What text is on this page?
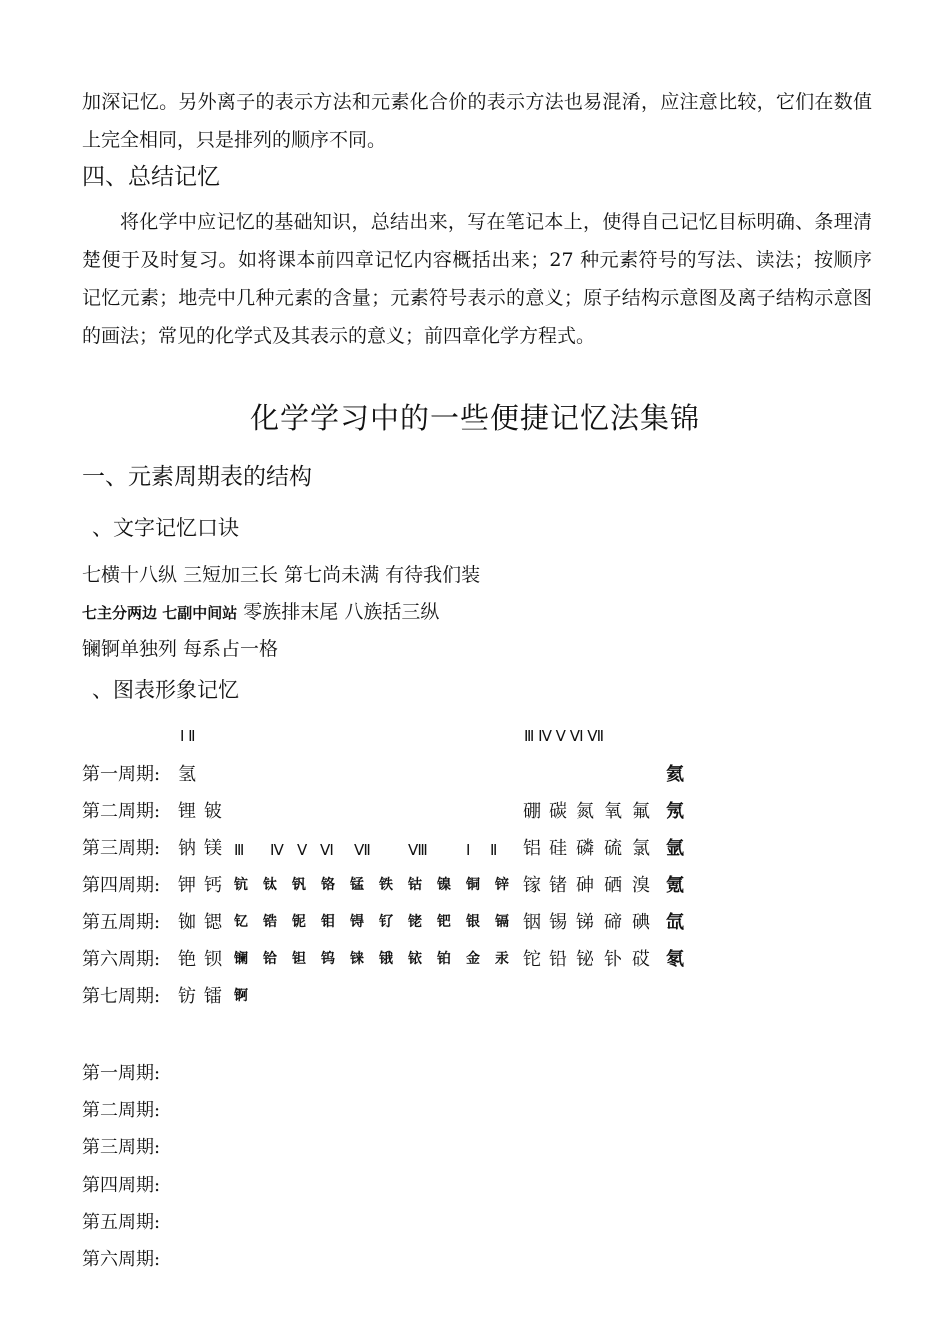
加深记忆。另外离子的表示方法和元素化合价的表示方法也易混淆，应注意比较，它们在数值上完全相同，只是排列的顺序不同。

四、总结记忆

将化学中应记忆的基础知识，总结出来，写在笔记本上，使得自己记忆目标明确、条理清楚便于及时复习。如将课本前四章记忆内容概括出来；27 种元素符号的写法、读法；按顺序记忆元素；地壳中几种元素的含量；元素符号表示的意义；原子结构示意图及离子结构示意图的画法；常见的化学式及其表示的意义；前四章化学方程式。

化学学习中的一些便捷记忆法集锦
一、元素周期表的结构
、文字记忆口诀
七横十八纵 三短加三长 第七尚未满 有待我们装
七主分两边 七副中间站 零族排末尾 八族括三纵
镧锕单独列 每系占一格
、图表形象记忆
Ⅰ Ⅱ	Ⅲ Ⅳ Ⅴ Ⅵ Ⅶ
第一周期: 氢	氦
第二周期: 锂 铍	硼 碳 氮 氧 氟 氖
第三周期: 钠 镁	铝 硅 磷 硫 氯 氩
第四周期: 钾 钙 钪 钛 钒 铬 锰 铁 钴 镍 铜 锌 镓 锗 砷 硒 溴 氪
第五周期: 铷 锶 钇 锆 铌 钼 锝 钌 铑 钯 银 镉 铟 锡 锑 碲 碘 氙
第六周期: 铯 钡 镧 铪 钽 钨 铼 锇 铱 铂 金 汞 铊 铅 铋 钋 砹 氡
第七周期: 钫 镭 锕
Ⅲ Ⅳ Ⅴ Ⅵ Ⅶ Ⅷ	Ⅰ Ⅱ
第一周期:
第二周期:
第三周期:
第四周期:
第五周期:
第六周期:
